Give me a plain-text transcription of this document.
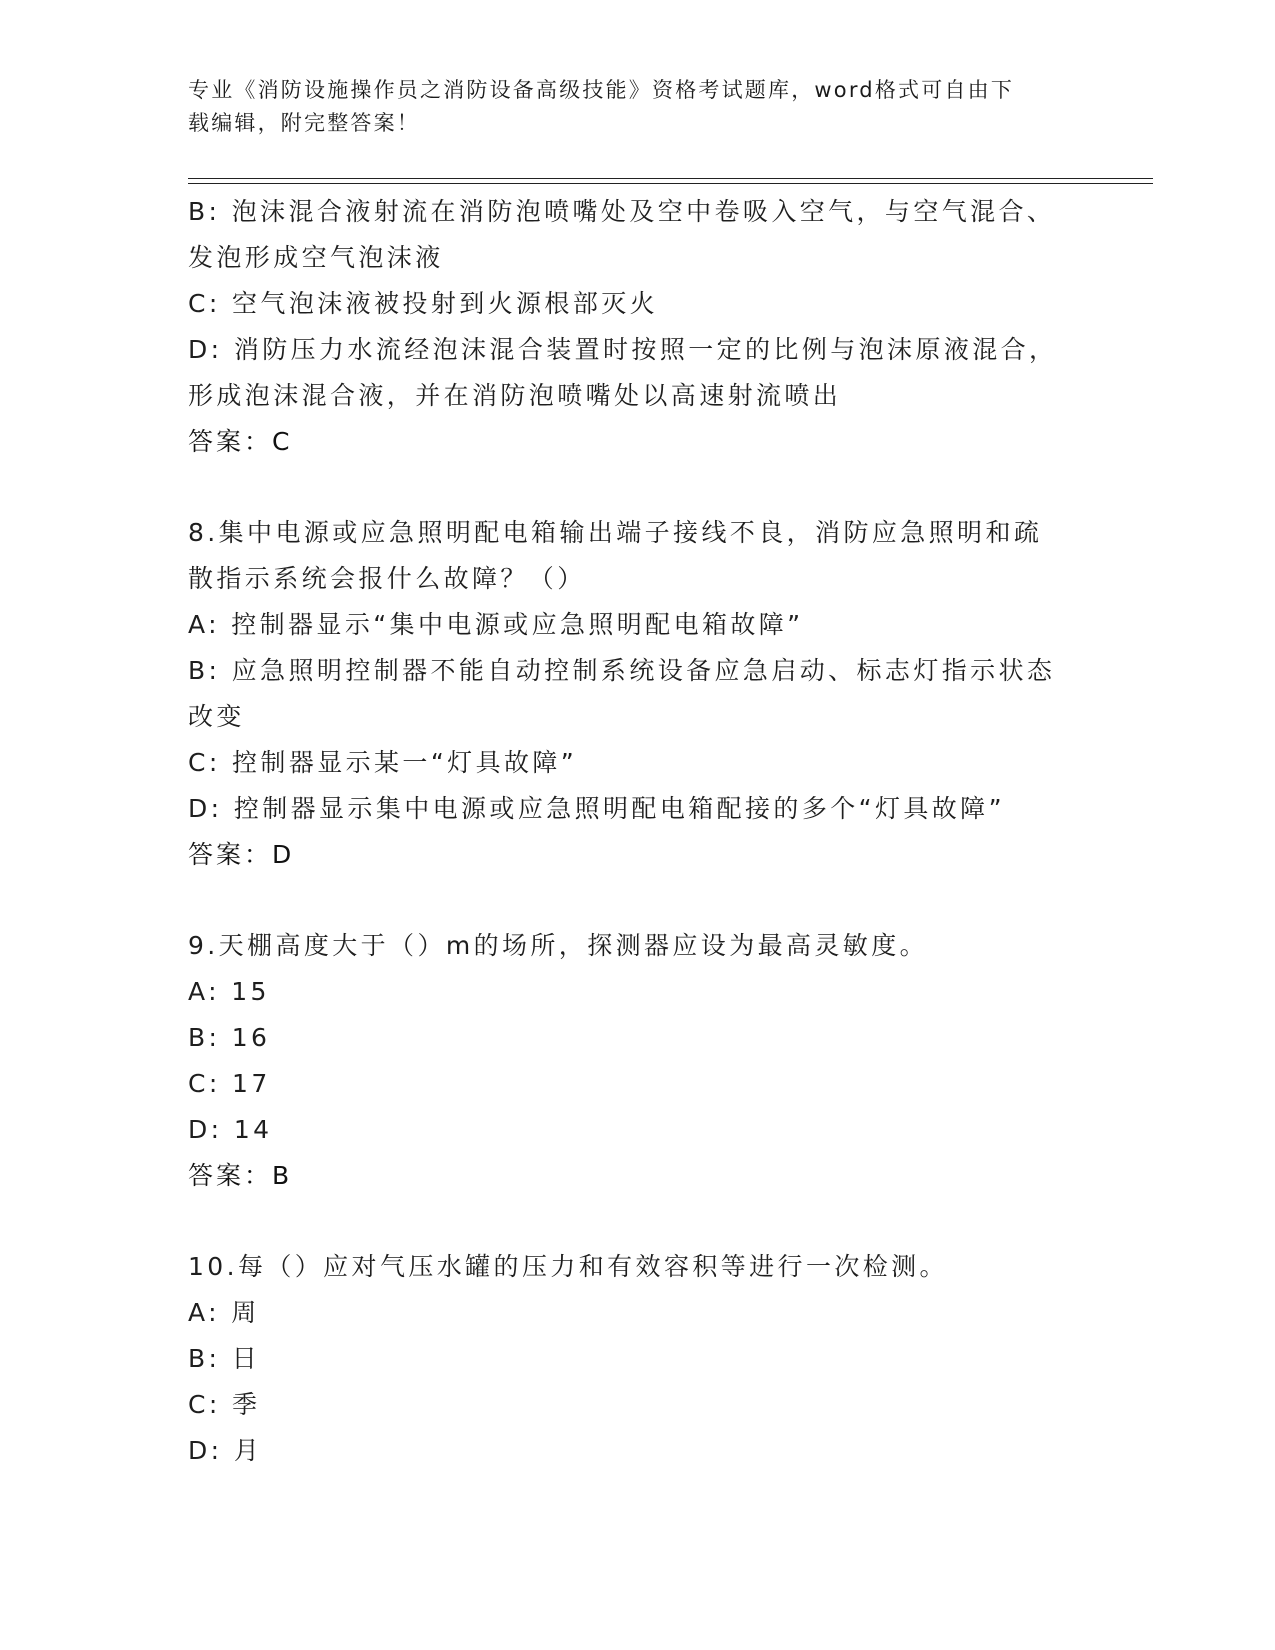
专业《消防设施操作员之消防设备高级技能》资格考试题库，word格式可自由下
载编辑，附完整答案！
B: 泡沫混合液射流在消防泡喷嘴处及空中卷吸入空气，与空气混合、
发泡形成空气泡沫液
C: 空气泡沫液被投射到火源根部灭火
D: 消防压力水流经泡沫混合装置时按照一定的比例与泡沫原液混合，
形成泡沫混合液，并在消防泡喷嘴处以高速射流喷出
答案：C
8.集中电源或应急照明配电箱输出端子接线不良，消防应急照明和疏
散指示系统会报什么故障？（）
A: 控制器显示“集中电源或应急照明配电箱故障”
B: 应急照明控制器不能自动控制系统设备应急启动、标志灯指示状态
改变
C: 控制器显示某一“灯具故障”
D: 控制器显示集中电源或应急照明配电箱配接的多个“灯具故障”
答案：D
9.天棚高度大于（）m的场所，探测器应设为最高灵敏度。
A: 15
B: 16
C: 17
D: 14
答案：B
10.每（）应对气压水罐的压力和有效容积等进行一次检测。
A: 周
B: 日
C: 季
D: 月
